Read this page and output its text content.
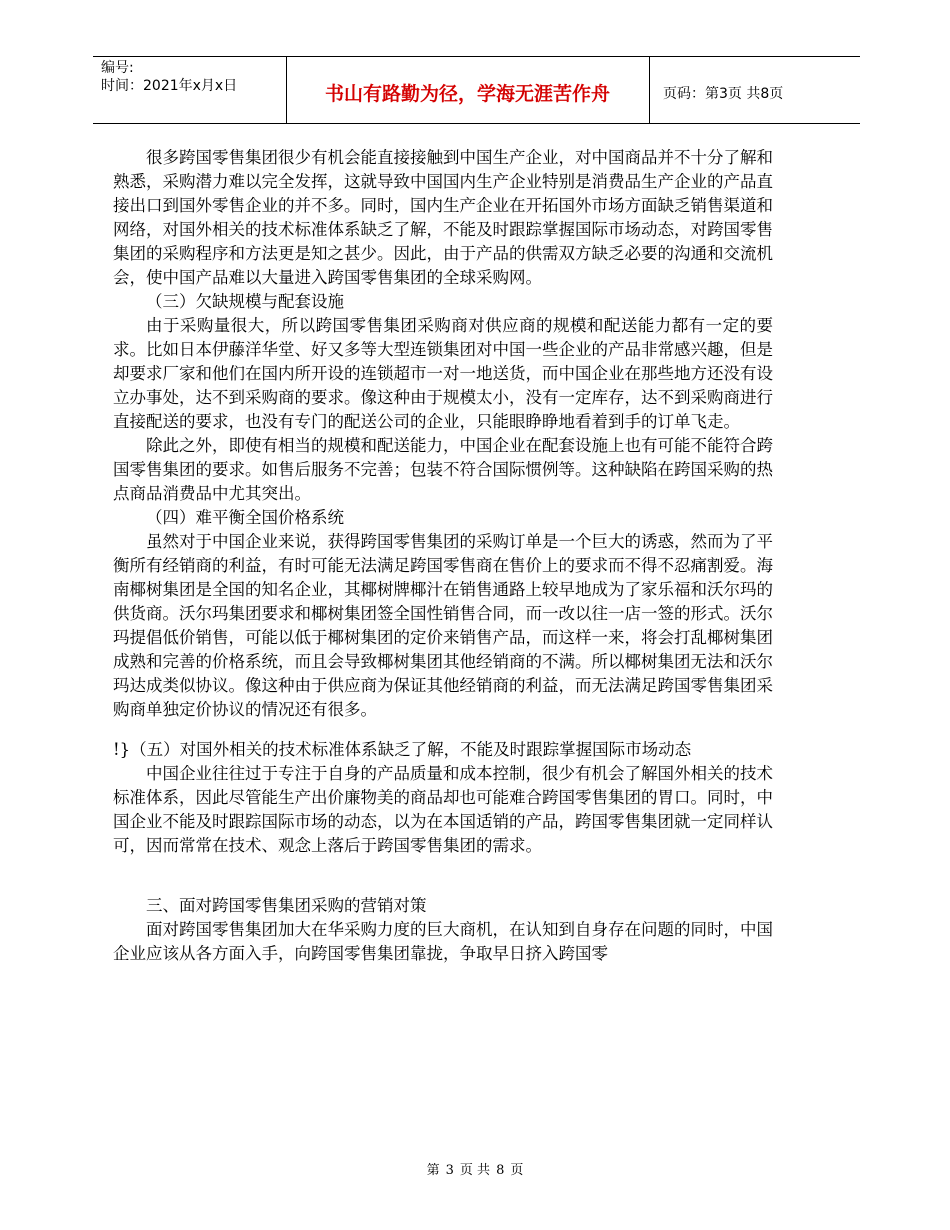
编号:
时间：2021年x月x日	书山有路勤为径，学海无涯苦作舟	页码：第3页 共8页

很多跨国零售集团很少有机会能直接接触到中国生产企业，对中国商品并不十分了解和熟悉，采购潜力难以完全发挥，这就导致中国国内生产企业特别是消费品生产企业的产品直接出口到国外零售企业的并不多。同时，国内生产企业在开拓国外市场方面缺乏销售渠道和网络，对国外相关的技术标准体系缺乏了解，不能及时跟踪掌握国际市场动态，对跨国零售集团的采购程序和方法更是知之甚少。因此，由于产品的供需双方缺乏必要的沟通和交流机会，使中国产品难以大量进入跨国零售集团的全球采购网。

（三）欠缺规模与配套设施

由于采购量很大，所以跨国零售集团采购商对供应商的规模和配送能力都有一定的要求。比如日本伊藤洋华堂、好又多等大型连锁集团对中国一些企业的产品非常感兴趣，但是却要求厂家和他们在国内所开设的连锁超市一对一地送货，而中国企业在那些地方还没有设立办事处，达不到采购商的要求。像这种由于规模太小，没有一定库存，达不到采购商进行直接配送的要求，也没有专门的配送公司的企业，只能眼睁睁地看着到手的订单飞走。

除此之外，即使有相当的规模和配送能力，中国企业在配套设施上也有可能不能符合跨国零售集团的要求。如售后服务不完善；包装不符合国际惯例等。这种缺陷在跨国采购的热点商品消费品中尤其突出。

（四）难平衡全国价格系统

虽然对于中国企业来说，获得跨国零售集团的采购订单是一个巨大的诱惑，然而为了平衡所有经销商的利益，有时可能无法满足跨国零售商在售价上的要求而不得不忍痛割爱。海南椰树集团是全国的知名企业，其椰树牌椰汁在销售通路上较早地成为了家乐福和沃尔玛的供货商。沃尔玛集团要求和椰树集团签全国性销售合同，而一改以往一店一签的形式。沃尔玛提倡低价销售，可能以低于椰树集团的定价来销售产品，而这样一来，将会打乱椰树集团成熟和完善的价格系统，而且会导致椰树集团其他经销商的不满。所以椰树集团无法和沃尔玛达成类似协议。像这种由于供应商为保证其他经销商的利益，而无法满足跨国零售集团采购商单独定价协议的情况还有很多。

!}（五）对国外相关的技术标准体系缺乏了解，不能及时跟踪掌握国际市场动态

中国企业往往过于专注于自身的产品质量和成本控制，很少有机会了解国外相关的技术标准体系，因此尽管能生产出价廉物美的商品却也可能难合跨国零售集团的胃口。同时，中国企业不能及时跟踪国际市场的动态，以为在本国适销的产品，跨国零售集团就一定同样认可，因而常常在技术、观念上落后于跨国零售集团的需求。

三、面对跨国零售集团采购的营销对策

面对跨国零售集团加大在华采购力度的巨大商机，在认知到自身存在问题的同时，中国企业应该从各方面入手，向跨国零售集团靠拢，争取早日挤入跨国零

第 3 页 共 8 页
